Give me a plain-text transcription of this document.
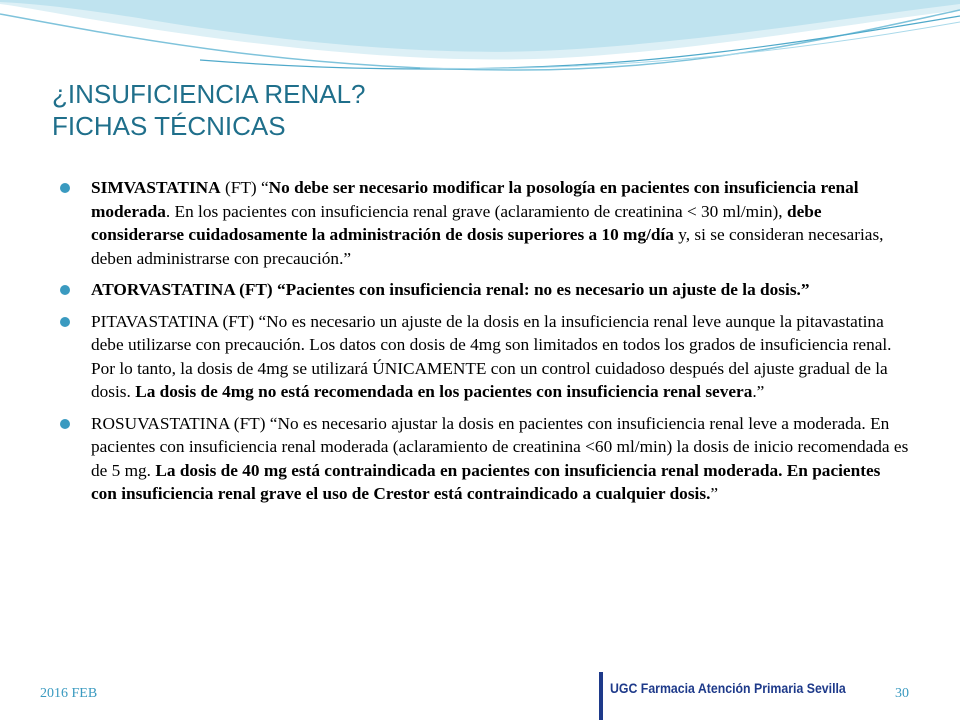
¿INSUFICIENCIA RENAL?
FICHAS TÉCNICAS
SIMVASTATINA (FT) “No debe ser necesario modificar la posología en pacientes con insuficiencia renal moderada. En los pacientes con insuficiencia renal grave (aclaramiento de creatinina < 30 ml/min), debe considerarse cuidadosamente la administración de dosis superiores a 10 mg/día y, si se consideran necesarias, deben administrarse con precaución.”
ATORVASTATINA (FT) “Pacientes con insuficiencia renal: no es necesario un ajuste de la dosis.”
PITAVASTATINA (FT) “No es necesario un ajuste de la dosis en la insuficiencia renal leve aunque la pitavastatina debe utilizarse con precaución. Los datos con dosis de 4mg son limitados en todos los grados de insuficiencia renal. Por lo tanto, la dosis de 4mg se utilizará ÚNICAMENTE con un control cuidadoso después del ajuste gradual de la dosis. La dosis de 4mg no está recomendada en los pacientes con insuficiencia renal severa.”
ROSUVASTATINA (FT) “No es necesario ajustar la dosis en pacientes con insuficiencia renal leve a moderada. En pacientes con insuficiencia renal moderada (aclaramiento de creatinina <60 ml/min) la dosis de inicio recomendada es de 5 mg. La dosis de 40 mg está contraindicada en pacientes con insuficiencia renal moderada. En pacientes con insuficiencia renal grave el uso de Crestor está contraindicado a cualquier dosis.”
2016 FEB	UGC Farmacia Atención Primaria Sevilla	30
